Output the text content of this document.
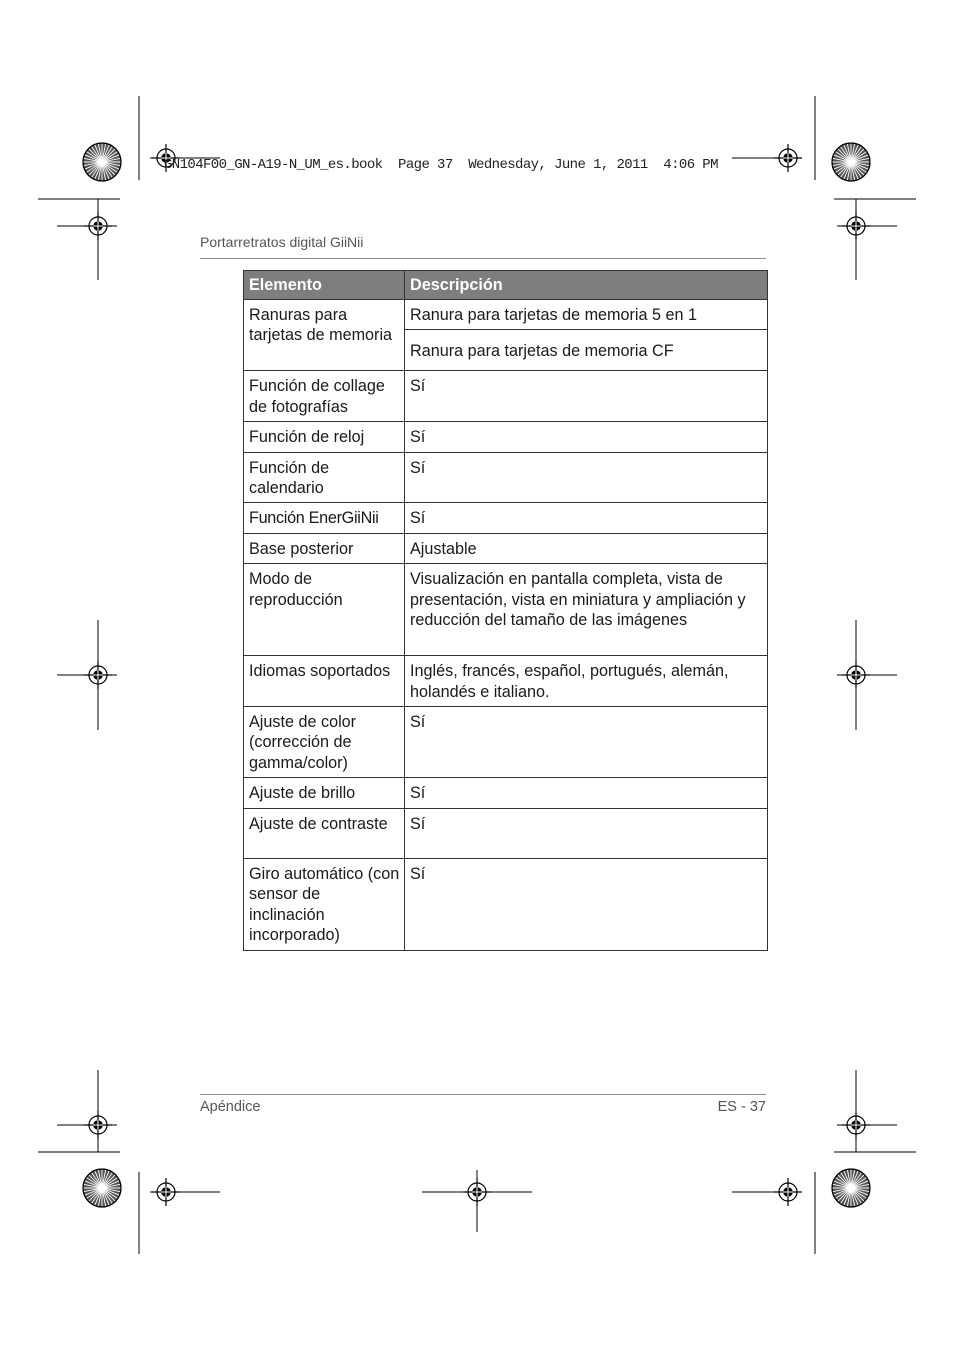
GN104F00_GN-A19-N_UM_es.book  Page 37  Wednesday, June 1, 2011  4:06 PM
Portarretratos digital GiiNii
Elemento	Descripción
Ranuras para tarjetas de memoria	Ranura para tarjetas de memoria 5 en 1
	Ranura para tarjetas de memoria CF
Función de collage de fotografías	Sí
Función de reloj	Sí
Función de calendario	Sí
Función EnerGiiNii	Sí
Base posterior	Ajustable
Modo de reproducción	Visualización en pantalla completa, vista de presentación, vista en miniatura y ampliación y reducción del tamaño de las imágenes
Idiomas soportados	Inglés, francés, español, portugués, alemán, holandés e italiano.
Ajuste de color (corrección de gamma/color)	Sí
Ajuste de brillo	Sí
Ajuste de contraste	Sí
Giro automático (con sensor de inclinación incorporado)	Sí
Apéndice	ES - 37
